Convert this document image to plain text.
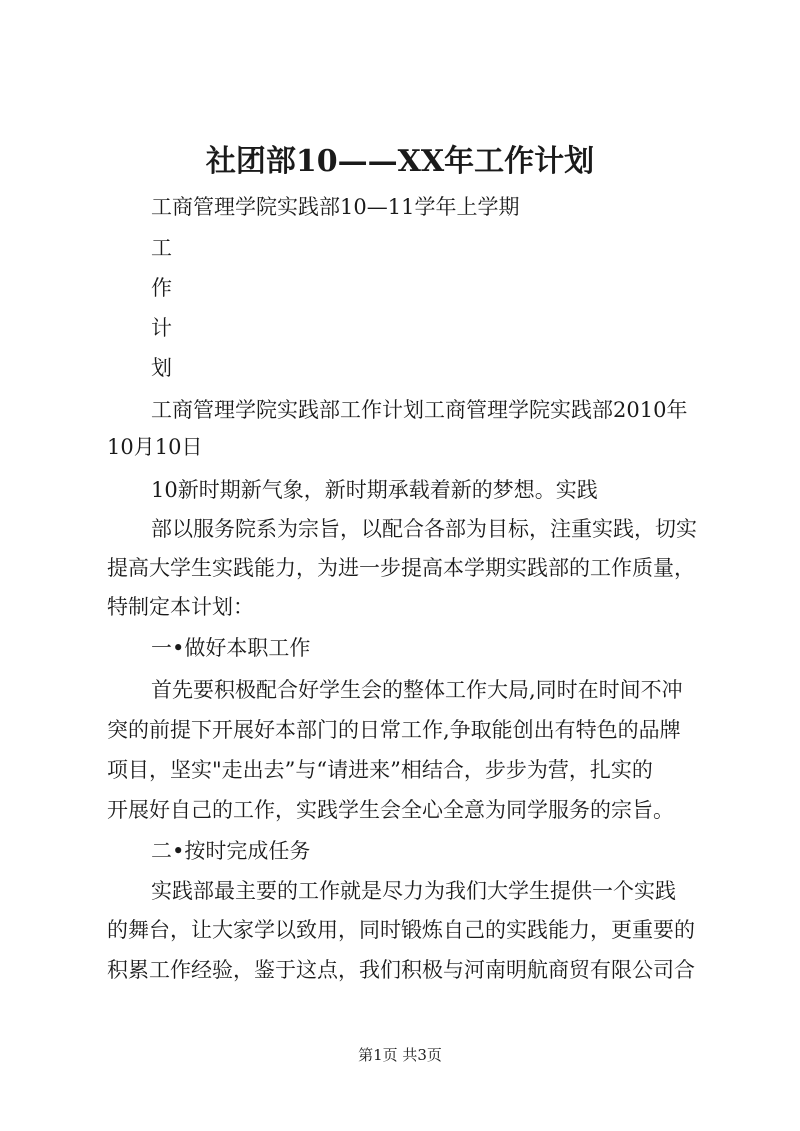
社团部10——XX年工作计划
工商管理学院实践部10—11学年上学期
工
作
计
划
工商管理学院实践部工作计划工商管理学院实践部2010年
10月10日
10新时期新气象，新时期承载着新的梦想。实践
部以服务院系为宗旨，以配合各部为目标，注重实践，切实
提高大学生实践能力，为进一步提高本学期实践部的工作质量，
特制定本计划：
一•做好本职工作
首先要积极配合好学生会的整体工作大局,同时在时间不冲
突的前提下开展好本部门的日常工作,争取能创出有特色的品牌
项目，坚实"走出去”与“请进来”相结合，步步为营，扎实的
开展好自己的工作，实践学生会全心全意为同学服务的宗旨。
二•按时完成任务
实践部最主要的工作就是尽力为我们大学生提供一个实践
的舞台，让大家学以致用，同时锻炼自己的实践能力，更重要的
积累工作经验，鉴于这点，我们积极与河南明航商贸有限公司合
第1页 共3页
